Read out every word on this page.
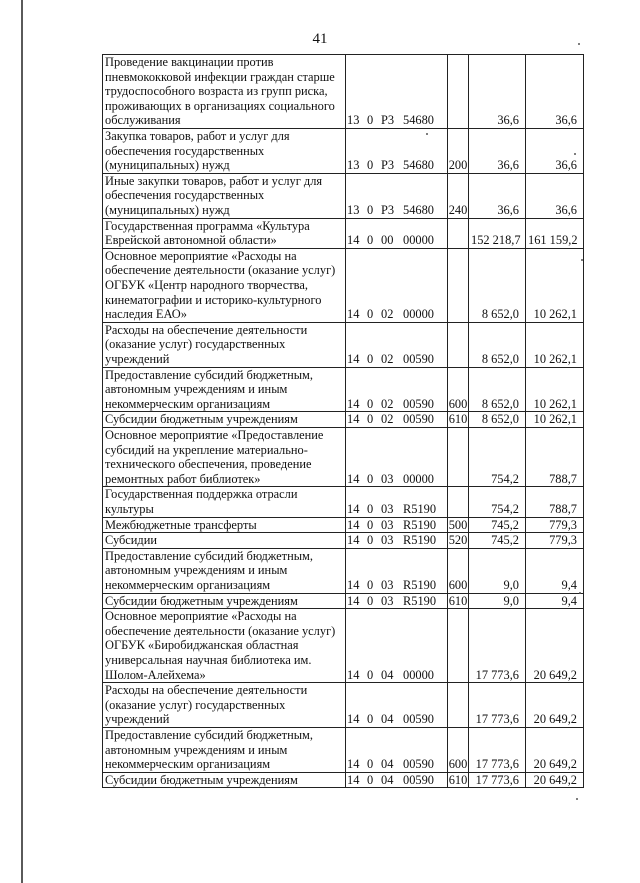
41
Проведение вакцинации против пневмококковой инфекции граждан старше трудоспособного возраста из групп риска, проживающих в организациях социального обслуживания	13 0 P3 54680		36,6	36,6
Закупка товаров, работ и услуг для обеспечения государственных (муниципальных) нужд	13 0 P3 54680	200	36,6	36,6
Иные закупки товаров, работ и услуг для обеспечения государственных (муниципальных) нужд	13 0 P3 54680	240	36,6	36,6
Государственная программа «Культура Еврейской автономной области»	14 0 00 00000		152 218,7	161 159,2
Основное мероприятие «Расходы на обеспечение деятельности (оказание услуг) ОГБУК «Центр народного творчества, кинематографии и историко-культурного наследия ЕАО»	14 0 02 00000		8 652,0	10 262,1
Расходы на обеспечение деятельности (оказание услуг) государственных учреждений	14 0 02 00590		8 652,0	10 262,1
Предоставление субсидий бюджетным, автономным учреждениям и иным некоммерческим организациям	14 0 02 00590	600	8 652,0	10 262,1
Субсидии бюджетным учреждениям	14 0 02 00590	610	8 652,0	10 262,1
Основное мероприятие «Предоставление субсидий на укрепление материально-технического обеспечения, проведение ремонтных работ библиотек»	14 0 03 00000		754,2	788,7
Государственная поддержка отрасли культуры	14 0 03 R5190		754,2	788,7
Межбюджетные трансферты	14 0 03 R5190	500	745,2	779,3
Субсидии	14 0 03 R5190	520	745,2	779,3
Предоставление субсидий бюджетным, автономным учреждениям и иным некоммерческим организациям	14 0 03 R5190	600	9,0	9,4
Субсидии бюджетным учреждениям	14 0 03 R5190	610	9,0	9,4
Основное мероприятие «Расходы на обеспечение деятельности (оказание услуг) ОГБУК «Биробиджанская областная универсальная научная библиотека им. Шолом-Алейхема»	14 0 04 00000		17 773,6	20 649,2
Расходы на обеспечение деятельности (оказание услуг) государственных учреждений	14 0 04 00590		17 773,6	20 649,2
Предоставление субсидий бюджетным, автономным учреждениям и иным некоммерческим организациям	14 0 04 00590	600	17 773,6	20 649,2
Субсидии бюджетным учреждениям	14 0 04 00590	610	17 773,6	20 649,2
